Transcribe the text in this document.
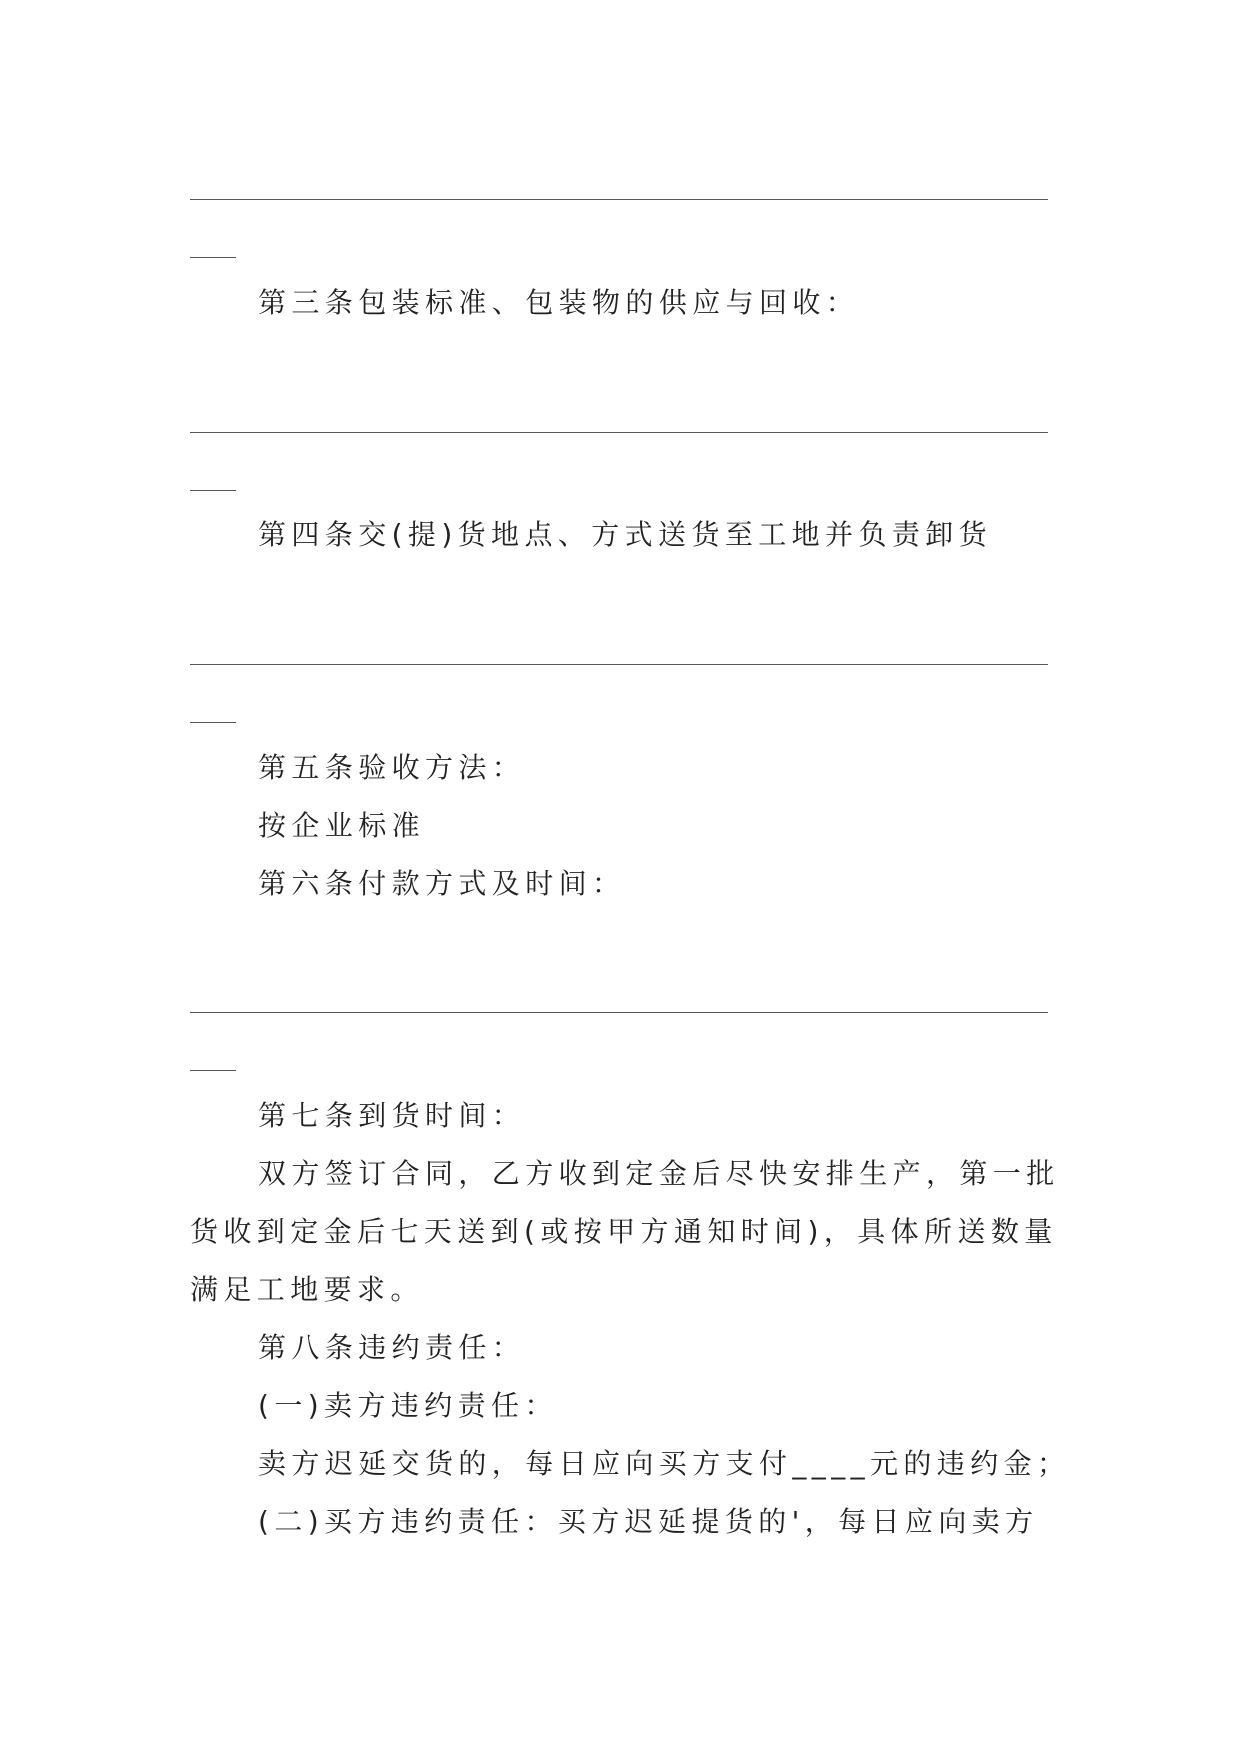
第三条包装标准、包装物的供应与回收：
第四条交(提)货地点、方式送货至工地并负责卸货
第五条验收方法：
按企业标准
第六条付款方式及时间：
第七条到货时间：

双方签订合同，乙方收到定金后尽快安排生产，第一批货收到定金后七天送到(或按甲方通知时间)，具体所送数量满足工地要求。

第八条违约责任：
(一)卖方违约责任：
卖方迟延交货的，每日应向买方支付____元的违约金；
(二)买方违约责任：买方迟延提货的'，每日应向卖方
